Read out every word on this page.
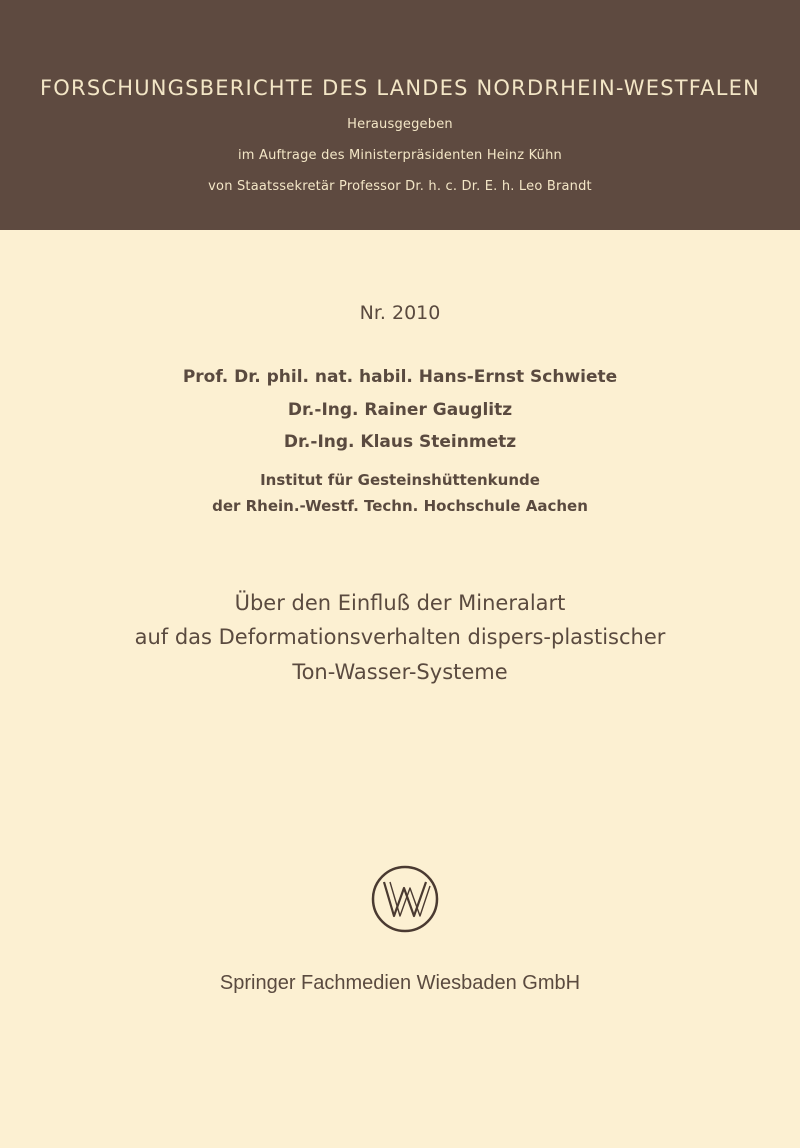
FORSCHUNGSBERICHTE DES LANDES NORDRHEIN-WESTFALEN
Herausgegeben
im Auftrage des Ministerpräsidenten Heinz Kühn
von Staatssekretär Professor Dr. h. c. Dr. E. h. Leo Brandt
Nr. 2010
Prof. Dr. phil. nat. habil. Hans-Ernst Schwiete
Dr.-Ing. Rainer Gauglitz
Dr.-Ing. Klaus Steinmetz
Institut für Gesteinshüttenkunde
der Rhein.-Westf. Techn. Hochschule Aachen
Über den Einfluß der Mineralart
auf das Deformationsverhalten dispers-plastischer
Ton-Wasser-Systeme
Springer Fachmedien Wiesbaden GmbH
